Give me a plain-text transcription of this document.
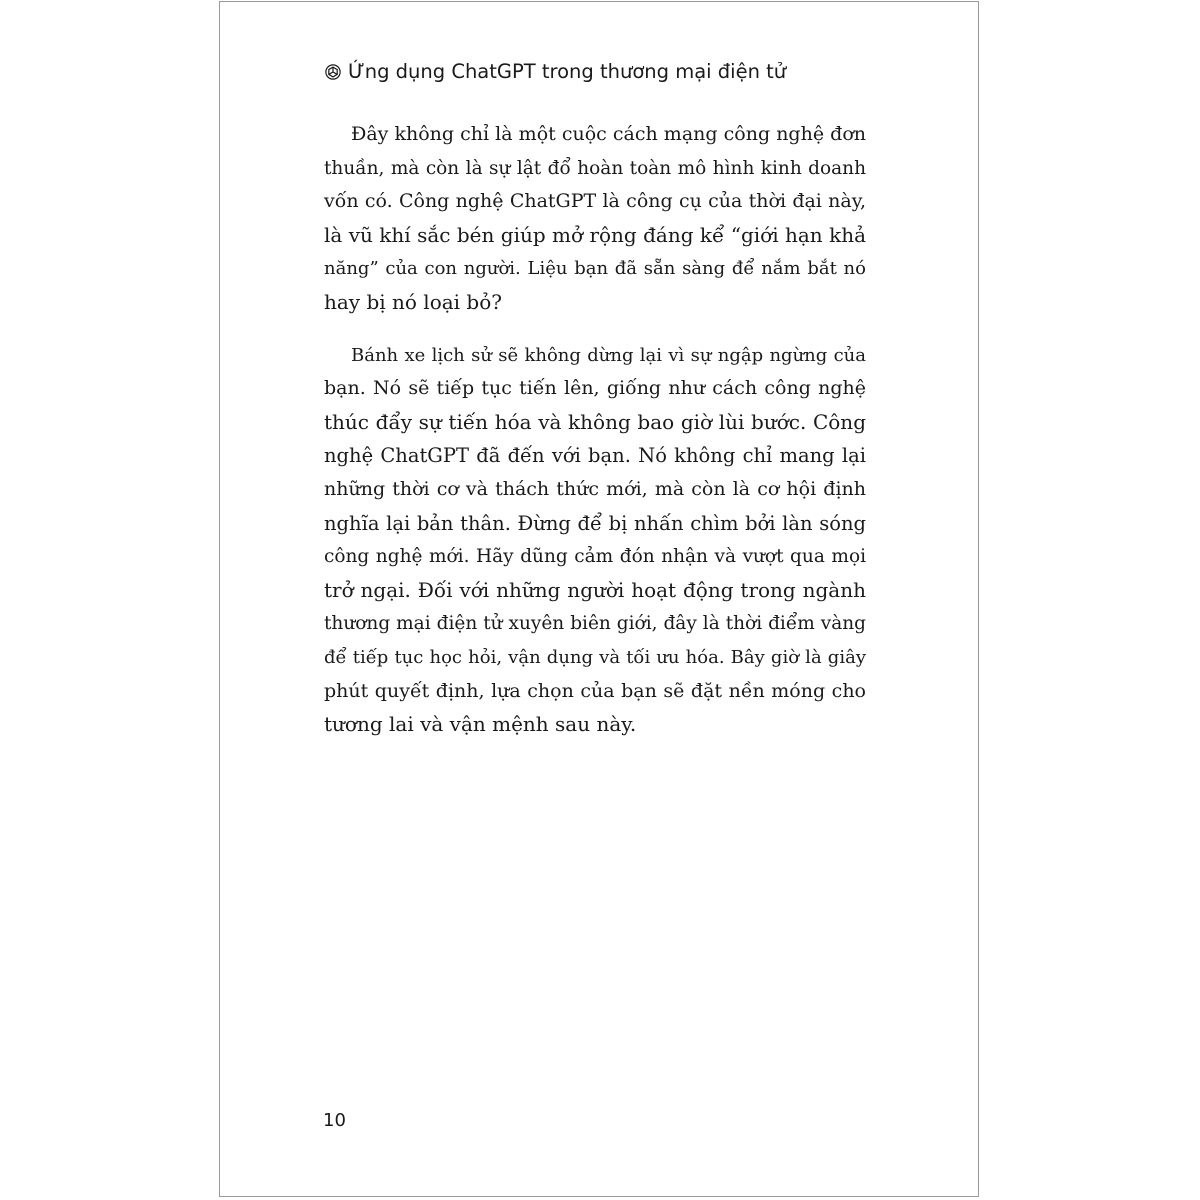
Ứng dụng ChatGPT trong thương mại điện tử
Đây không chỉ là một cuộc cách mạng công nghệ đơn
thuần, mà còn là sự lật đổ hoàn toàn mô hình kinh doanh
vốn có. Công nghệ ChatGPT là công cụ của thời đại này,
là vũ khí sắc bén giúp mở rộng đáng kể “giới hạn khả
năng” của con người. Liệu bạn đã sẵn sàng để nắm bắt nó
hay bị nó loại bỏ?
Bánh xe lịch sử sẽ không dừng lại vì sự ngập ngừng của
bạn. Nó sẽ tiếp tục tiến lên, giống như cách công nghệ
thúc đẩy sự tiến hóa và không bao giờ lùi bước. Công
nghệ ChatGPT đã đến với bạn. Nó không chỉ mang lại
những thời cơ và thách thức mới, mà còn là cơ hội định
nghĩa lại bản thân. Đừng để bị nhấn chìm bởi làn sóng
công nghệ mới. Hãy dũng cảm đón nhận và vượt qua mọi
trở ngại. Đối với những người hoạt động trong ngành
thương mại điện tử xuyên biên giới, đây là thời điểm vàng
để tiếp tục học hỏi, vận dụng và tối ưu hóa. Bây giờ là giây
phút quyết định, lựa chọn của bạn sẽ đặt nền móng cho
tương lai và vận mệnh sau này.
10
